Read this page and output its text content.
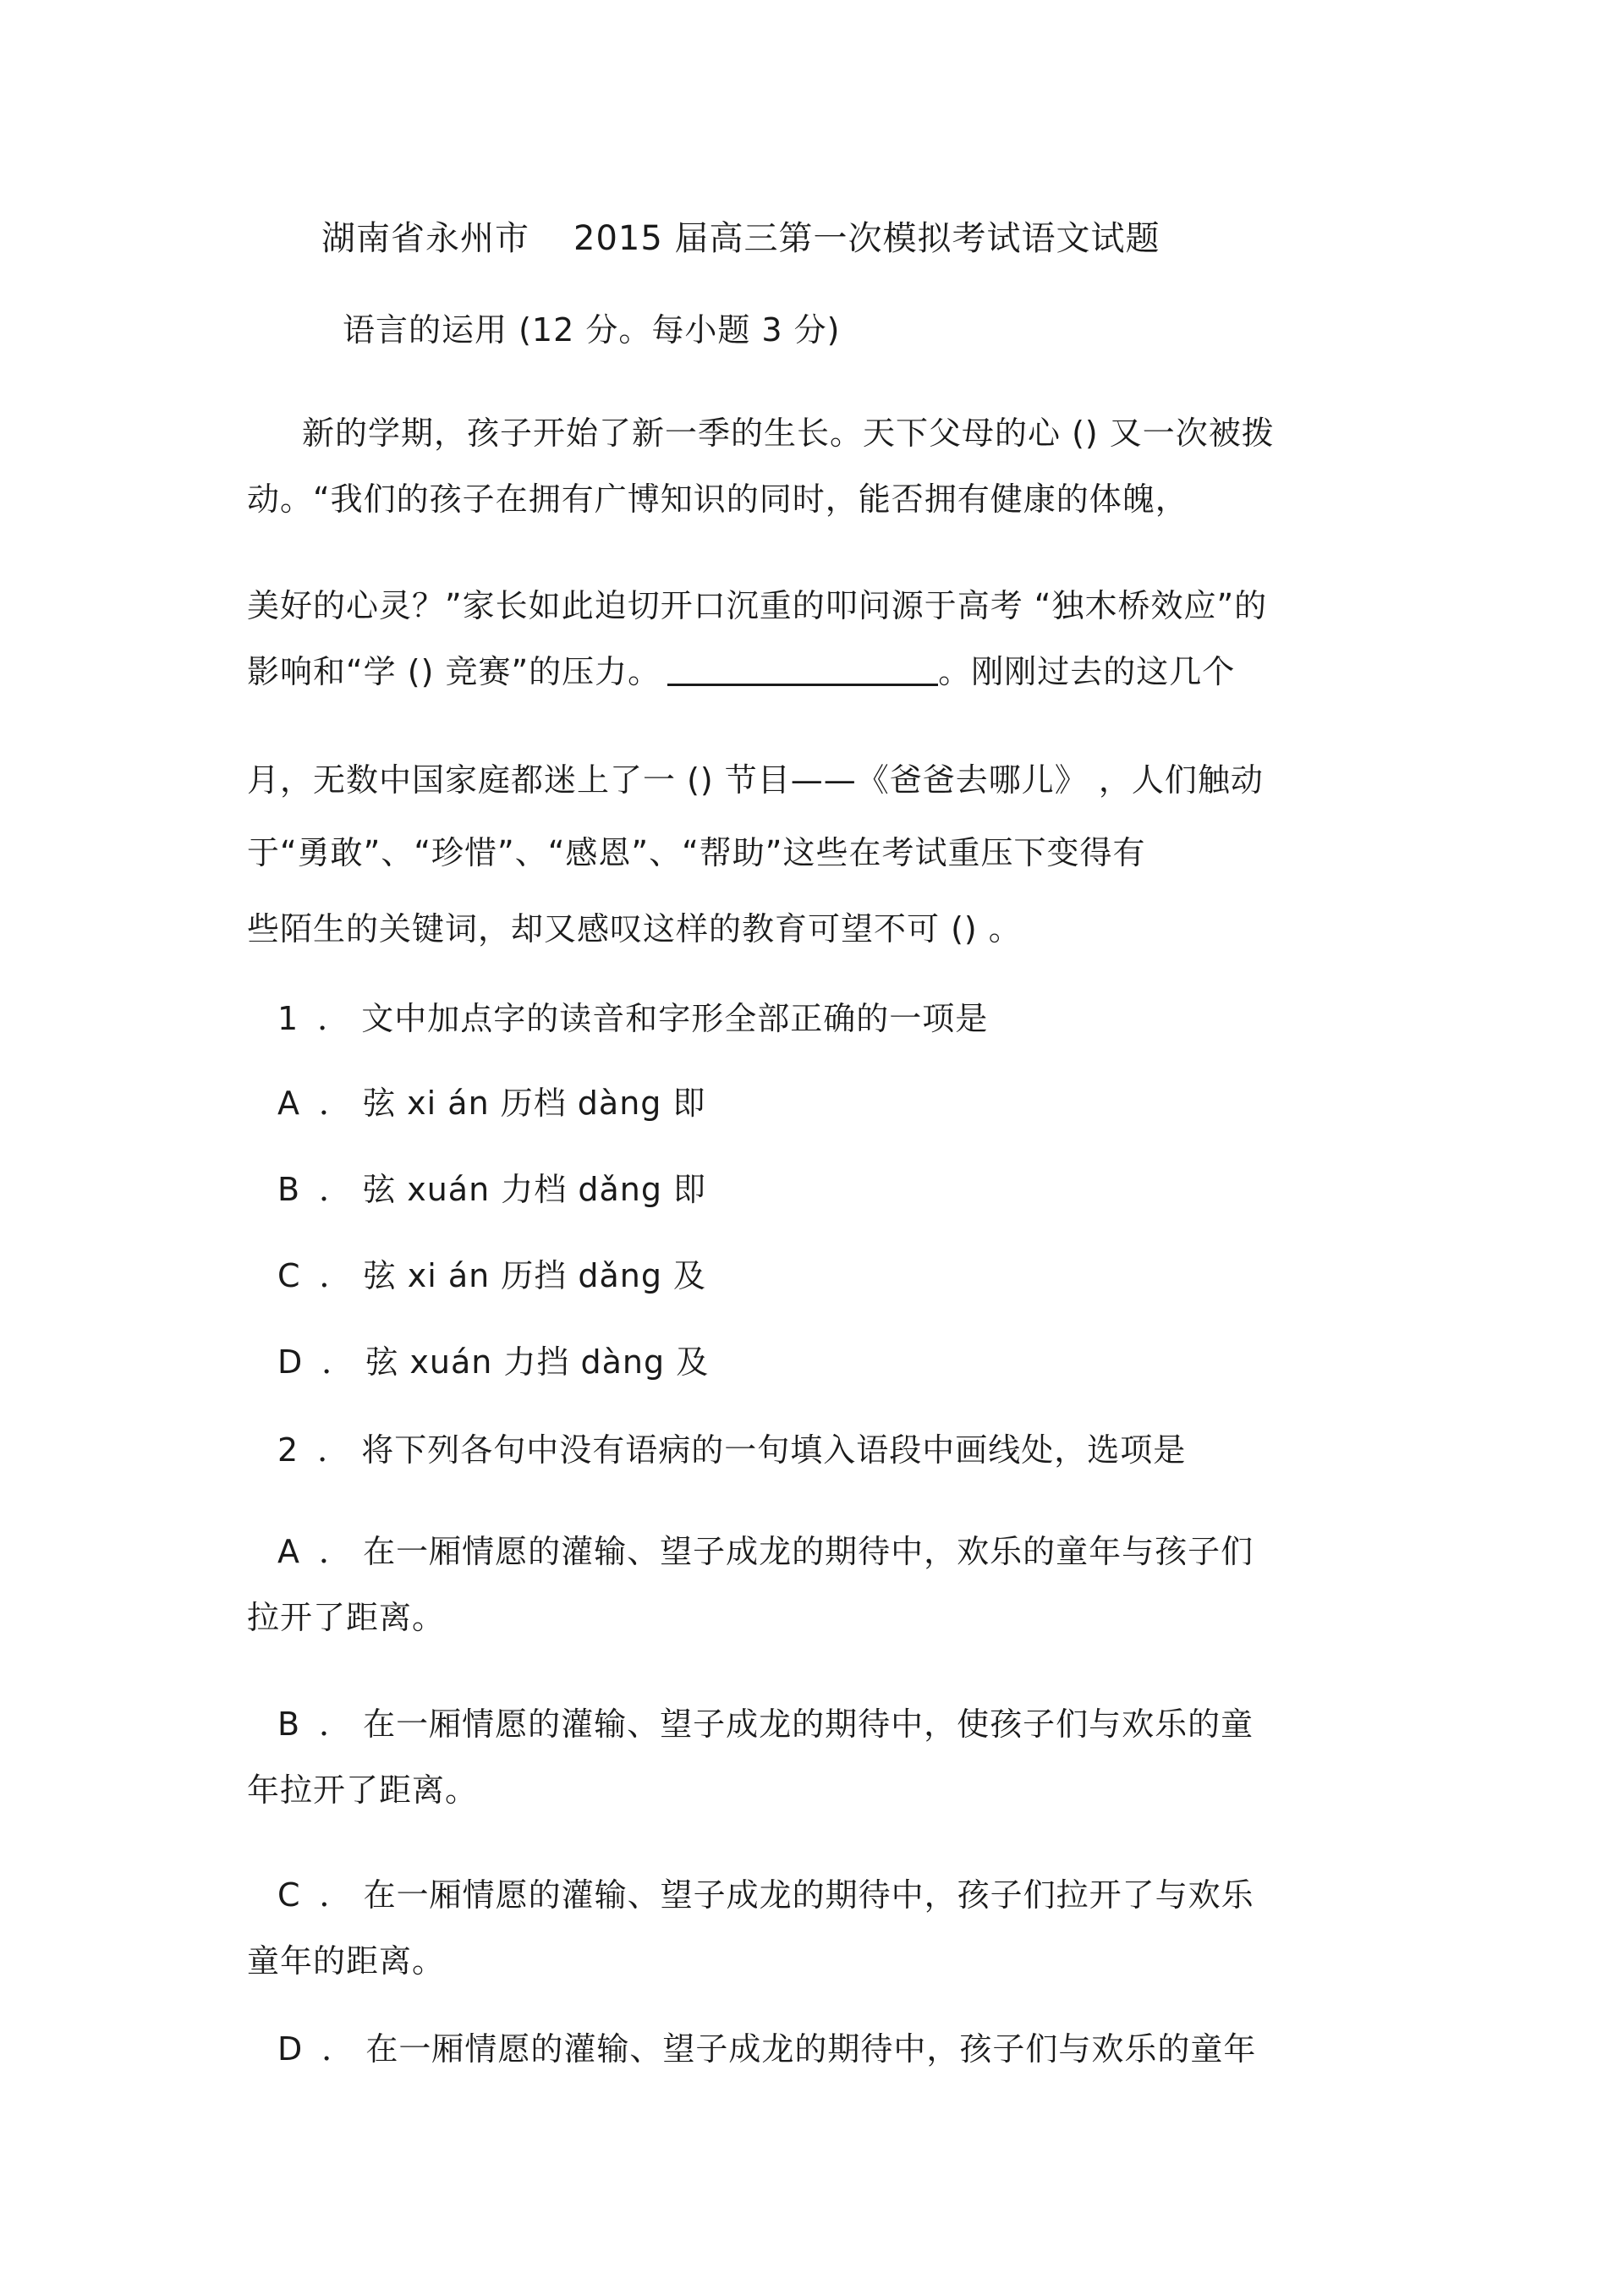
湖南省永州市 2015 届高三第一次模拟考试语文试题
语言的运用 (12 分。每小题 3 分)
新的学期，孩子开始了新一季的生长。天下父母的心 () 又一次被拨
动。“我们的孩子在拥有广博知识的同时，能否拥有健康的体魄，
美好的心灵？”家长如此迫切开口沉重的叩问源于高考 “独木桥效应”的
影响和“学 () 竞赛”的压力。	。刚刚过去的这几个
月，无数中国家庭都迷上了一 () 节目——《爸爸去哪儿》 ，人们触动
于“勇敢”、“珍惜”、“感恩”、“帮助”这些在考试重压下变得有
些陌生的关键词，却又感叹这样的教育可望不可 () 。
1 ． 文中加点字的读音和字形全部正确的一项是
A ． 弦 xi án 历档 dàng 即
B ． 弦 xuán 力档 dǎng 即
C ． 弦 xi án 历挡 dǎng 及
D ． 弦 xuán 力挡 dàng 及
2 ． 将下列各句中没有语病的一句填入语段中画线处，选项是
A ． 在一厢情愿的灌输、望子成龙的期待中，欢乐的童年与孩子们
拉开了距离。
B ． 在一厢情愿的灌输、望子成龙的期待中，使孩子们与欢乐的童
年拉开了距离。
C ． 在一厢情愿的灌输、望子成龙的期待中，孩子们拉开了与欢乐
童年的距离。
D ． 在一厢情愿的灌输、望子成龙的期待中，孩子们与欢乐的童年
